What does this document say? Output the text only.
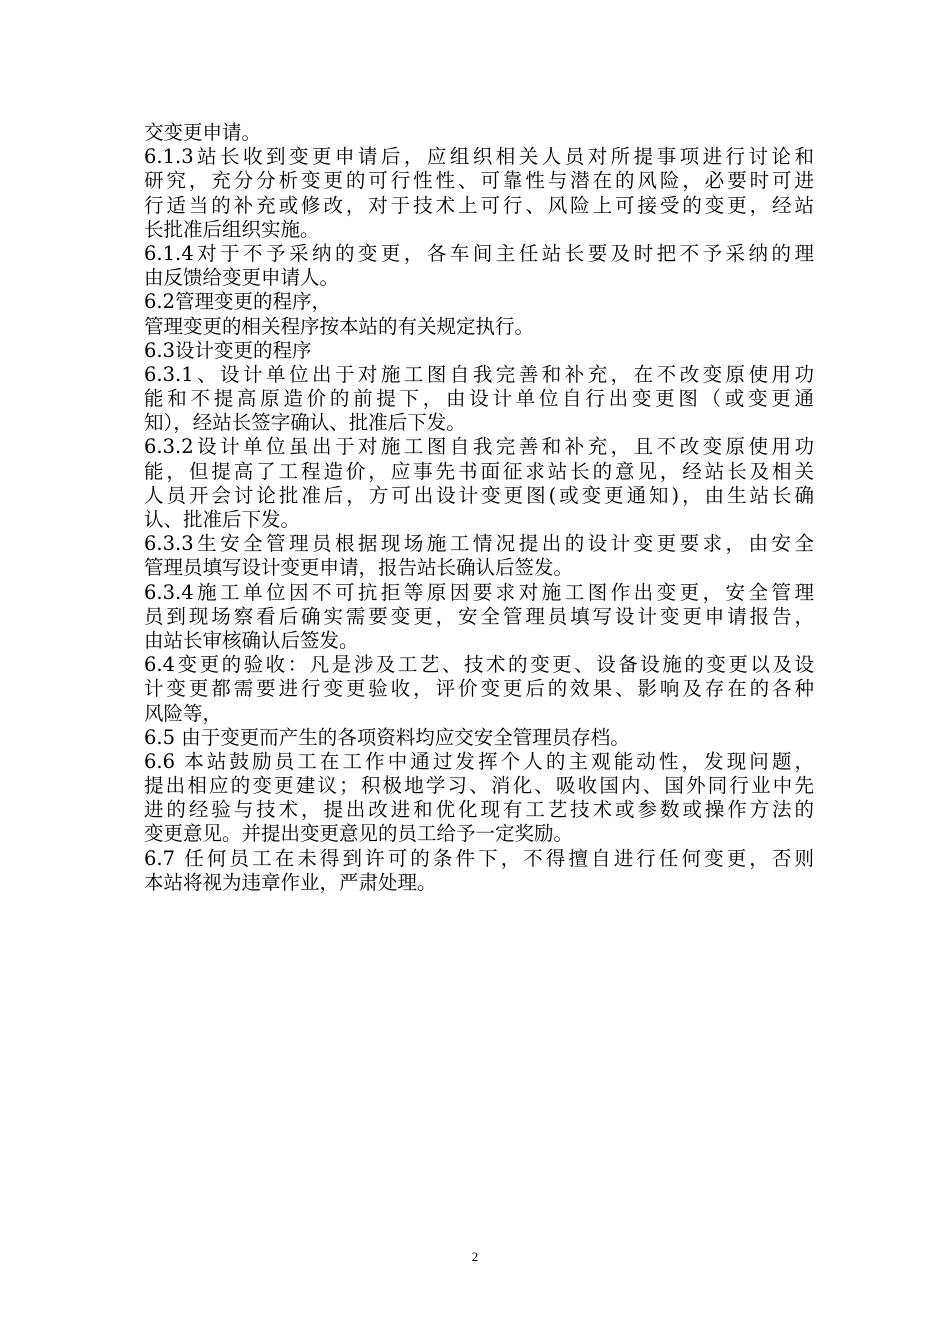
交变更申请。
6.1.3站长收到变更申请后，应组织相关人员对所提事项进行讨论和
研究，充分分析变更的可行性性、可靠性与潜在的风险，必要时可进
行适当的补充或修改，对于技术上可行、风险上可接受的变更，经站
长批准后组织实施。
6.1.4对于不予采纳的变更，各车间主任站长要及时把不予采纳的理
由反馈给变更申请人。
6.2管理变更的程序，
管理变更的相关程序按本站的有关规定执行。
6.3设计变更的程序
6.3.1、设计单位出于对施工图自我完善和补充，在不改变原使用功
能和不提高原造价的前提下，由设计单位自行出变更图（或变更通
知），经站长签字确认、批准后下发。
6.3.2设计单位虽出于对施工图自我完善和补充，且不改变原使用功
能，但提高了工程造价，应事先书面征求站长的意见，经站长及相关
人员开会讨论批准后，方可出设计变更图(或变更通知)，由生站长确
认、批准后下发。
6.3.3生安全管理员根据现场施工情况提出的设计变更要求，由安全
管理员填写设计变更申请，报告站长确认后签发。
6.3.4施工单位因不可抗拒等原因要求对施工图作出变更，安全管理
员到现场察看后确实需要变更，安全管理员填写设计变更申请报告，
由站长审核确认后签发。
6.4变更的验收：凡是涉及工艺、技术的变更、设备设施的变更以及设
计变更都需要进行变更验收，评价变更后的效果、影响及存在的各种
风险等，
6.5 由于变更而产生的各项资料均应交安全管理员存档。
6.6 本站鼓励员工在工作中通过发挥个人的主观能动性，发现问题，
提出相应的变更建议；积极地学习、消化、吸收国内、国外同行业中先
进的经验与技术，提出改进和优化现有工艺技术或参数或操作方法的
变更意见。并提出变更意见的员工给予一定奖励。
6.7 任何员工在未得到许可的条件下，不得擅自进行任何变更，否则
本站将视为违章作业，严肃处理。
2
